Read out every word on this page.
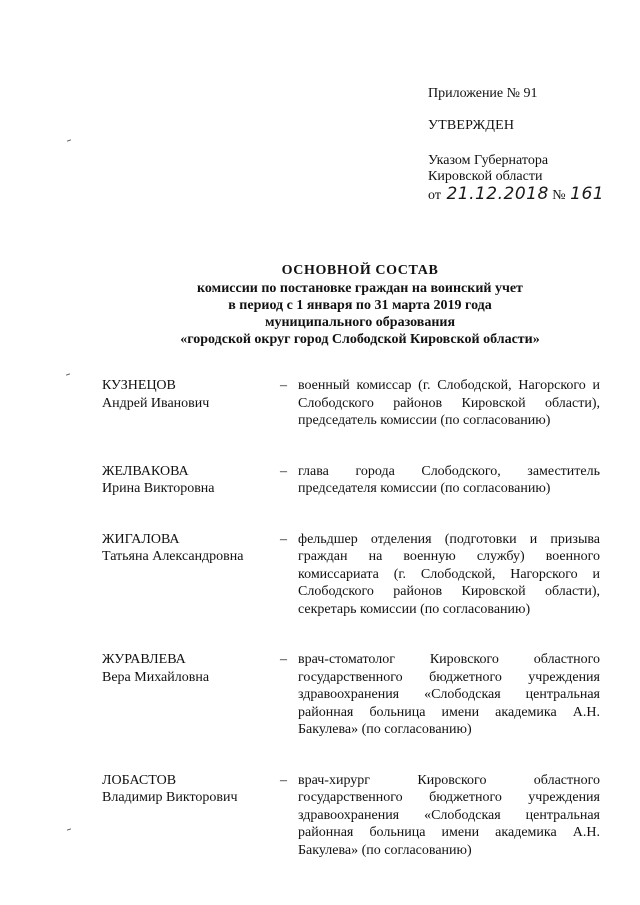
Приложение № 91
УТВЕРЖДЕН
Указом Губернатора
Кировской области
от 21.12.2018 № 161
ОСНОВНОЙ СОСТАВ
комиссии по постановке граждан на воинский учет
в период с 1 января по 31 марта 2019 года
муниципального образования
«городской округ город Слободской Кировской области»
КУЗНЕЦОВ
Андрей Иванович
– военный комиссар (г. Слободской, Нагорского и Слободского районов Кировской области), председатель комиссии (по согласованию)
ЖЕЛВАКОВА
Ирина Викторовна
– глава города Слободского, заместитель председателя комиссии (по согласованию)
ЖИГАЛОВА
Татьяна Александровна
– фельдшер отделения (подготовки и призыва граждан на военную службу) военного комиссариата (г. Слободской, Нагорского и Слободского районов Кировской области), секретарь комиссии (по согласованию)
ЖУРАВЛЕВА
Вера Михайловна
– врач-стоматолог Кировского областного государственного бюджетного учреждения здравоохранения «Слободская центральная районная больница имени академика А.Н. Бакулева» (по согласованию)
ЛОБАСТОВ
Владимир Викторович
– врач-хирург Кировского областного государственного бюджетного учреждения здравоохранения «Слободская центральная районная больница имени академика А.Н. Бакулева» (по согласованию)
